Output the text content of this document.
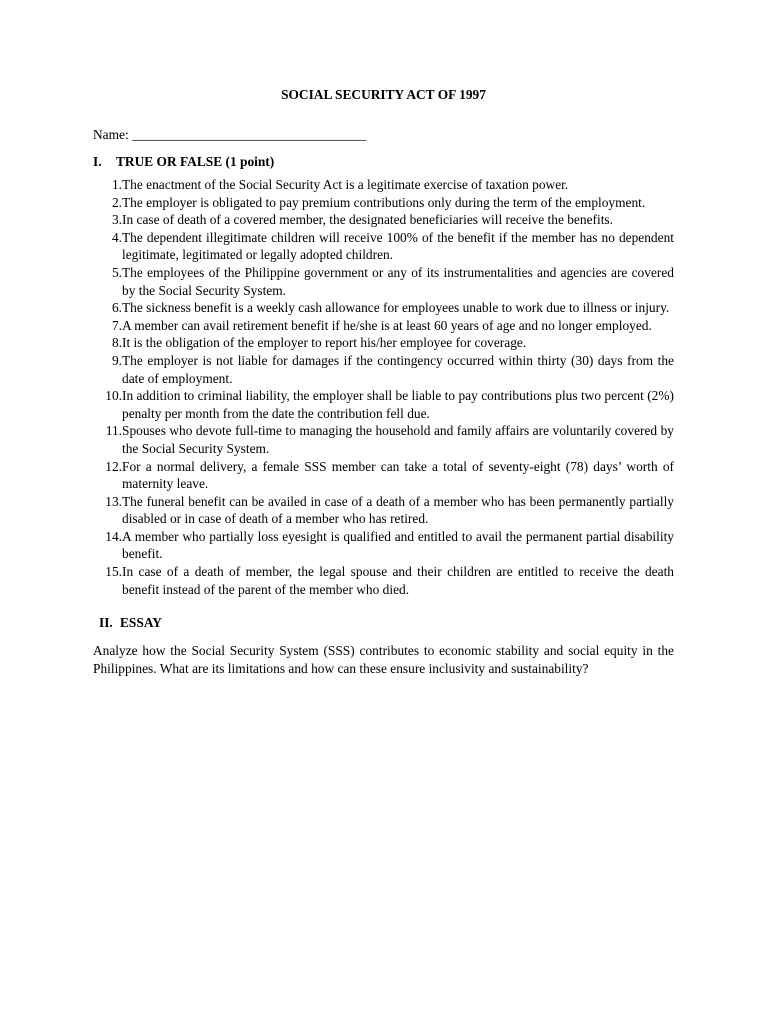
SOCIAL SECURITY ACT OF 1997
Name: ___________________________________
I.	TRUE OR FALSE (1 point)
1. The enactment of the Social Security Act is a legitimate exercise of taxation power.
2. The employer is obligated to pay premium contributions only during the term of the employment.
3. In case of death of a covered member, the designated beneficiaries will receive the benefits.
4. The dependent illegitimate children will receive 100% of the benefit if the member has no dependent legitimate, legitimated or legally adopted children.
5. The employees of the Philippine government or any of its instrumentalities and agencies are covered by the Social Security System.
6. The sickness benefit is a weekly cash allowance for employees unable to work due to illness or injury.
7. A member can avail retirement benefit if he/she is at least 60 years of age and no longer employed.
8. It is the obligation of the employer to report his/her employee for coverage.
9. The employer is not liable for damages if the contingency occurred within thirty (30) days from the date of employment.
10. In addition to criminal liability, the employer shall be liable to pay contributions plus two percent (2%) penalty per month from the date the contribution fell due.
11. Spouses who devote full-time to managing the household and family affairs are voluntarily covered by the Social Security System.
12. For a normal delivery, a female SSS member can take a total of seventy-eight (78) days’ worth of maternity leave.
13. The funeral benefit can be availed in case of a death of a member who has been permanently partially disabled or in case of death of a member who has retired.
14. A member who partially loss eyesight is qualified and entitled to avail the permanent partial disability benefit.
15. In case of a death of member, the legal spouse and their children are entitled to receive the death benefit instead of the parent of the member who died.
II. ESSAY
Analyze how the Social Security System (SSS) contributes to economic stability and social equity in the Philippines. What are its limitations and how can these ensure inclusivity and sustainability?
